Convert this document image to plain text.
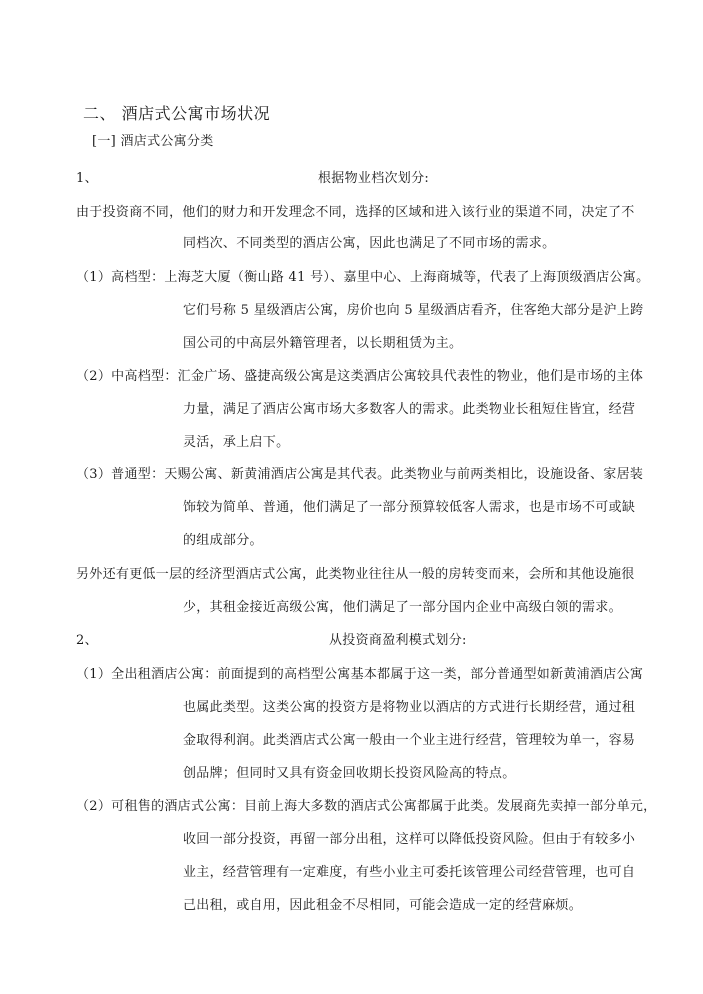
二、 酒店式公寓市场状况
[一] 酒店式公寓分类
1、	根据物业档次划分:
由于投资商不同，他们的财力和开发理念不同，选择的区域和进入该行业的渠道不同，决定了不
同档次、不同类型的酒店公寓，因此也满足了不同市场的需求。
（1）高档型：上海芝大厦（衡山路 41 号）、嘉里中心、上海商城等，代表了上海顶级酒店公寓。
它们号称 5 星级酒店公寓，房价也向 5 星级酒店看齐，住客绝大部分是沪上跨
国公司的中高层外籍管理者，以长期租赁为主。
（2）中高档型：汇金广场、盛捷高级公寓是这类酒店公寓较具代表性的物业，他们是市场的主体
力量，满足了酒店公寓市场大多数客人的需求。此类物业长租短住皆宜，经营
灵活，承上启下。
（3）普通型：天赐公寓、新黄浦酒店公寓是其代表。此类物业与前两类相比，设施设备、家居装
饰较为简单、普通，他们满足了一部分预算较低客人需求，也是市场不可或缺
的组成部分。
另外还有更低一层的经济型酒店式公寓，此类物业往往从一般的房转变而来，会所和其他设施很
少，其租金接近高级公寓，他们满足了一部分国内企业中高级白领的需求。
2、	从投资商盈利模式划分:
（1）全出租酒店公寓：前面提到的高档型公寓基本都属于这一类，部分普通型如新黄浦酒店公寓
也属此类型。这类公寓的投资方是将物业以酒店的方式进行长期经营，通过租
金取得利润。此类酒店式公寓一般由一个业主进行经营，管理较为单一，容易
创品牌；但同时又具有资金回收期长投资风险高的特点。
（2）可租售的酒店式公寓：目前上海大多数的酒店式公寓都属于此类。发展商先卖掉一部分单元，
收回一部分投资，再留一部分出租，这样可以降低投资风险。但由于有较多小
业主，经营管理有一定难度，有些小业主可委托该管理公司经营管理，也可自
己出租，或自用，因此租金不尽相同，可能会造成一定的经营麻烦。
